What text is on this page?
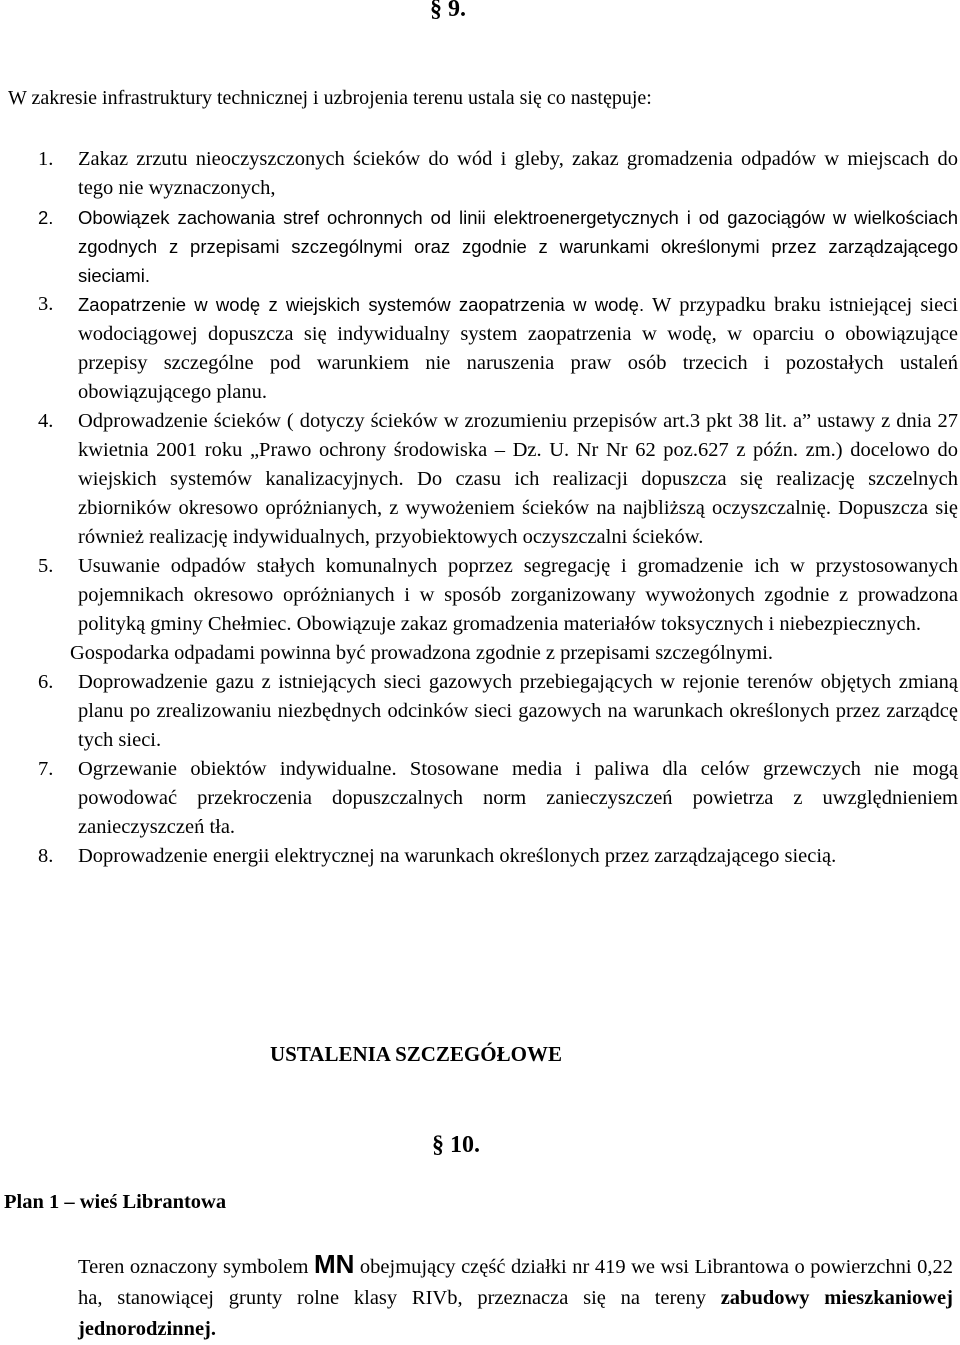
§ 9.

W zakresie infrastruktury technicznej i uzbrojenia terenu ustala się co następuje:

1. Zakaz zrzutu nieoczyszczonych ścieków do wód i gleby, zakaz gromadzenia odpadów w miejscach do tego nie wyznaczonych,
2. Obowiązek zachowania stref ochronnych od linii elektroenergetycznych i od gazociągów w wielkościach zgodnych z przepisami szczególnymi oraz zgodnie z warunkami określonymi przez zarządzającego sieciami.
3. Zaopatrzenie w wodę z wiejskich systemów zaopatrzenia w wodę. W przypadku braku istniejącej sieci wodociągowej dopuszcza się indywidualny system zaopatrzenia w wodę, w oparciu o obowiązujące przepisy szczególne pod warunkiem nie naruszenia praw osób trzecich i pozostałych ustaleń obowiązującego planu.
4. Odprowadzenie ścieków ( dotyczy ścieków w zrozumieniu przepisów art.3 pkt 38 lit. a” ustawy z dnia 27 kwietnia 2001 roku „Prawo ochrony środowiska – Dz. U. Nr Nr 62 poz.627 z późn. zm.) docelowo do wiejskich systemów kanalizacyjnych. Do czasu ich realizacji dopuszcza się realizację szczelnych zbiorników okresowo opróżnianych, z wywożeniem ścieków na najbliższą oczyszczalnię. Dopuszcza się również realizację indywidualnych, przyobiektowych oczyszczalni ścieków.
5. Usuwanie odpadów stałych komunalnych poprzez segregację i gromadzenie ich w przystosowanych pojemnikach okresowo opróżnianych i w sposób zorganizowany wywożonych zgodnie z prowadzona polityką gminy Chełmiec. Obowiązuje zakaz gromadzenia materiałów toksycznych i niebezpiecznych.
Gospodarka odpadami powinna być prowadzona zgodnie z przepisami szczególnymi.
6. Doprowadzenie gazu z istniejących sieci gazowych przebiegających w rejonie terenów objętych zmianą planu po zrealizowaniu niezbędnych odcinków sieci gazowych na warunkach określonych przez zarządcę tych sieci.
7. Ogrzewanie obiektów indywidualne. Stosowane media i paliwa dla celów grzewczych nie mogą powodować przekroczenia dopuszczalnych norm zanieczyszczeń powietrza z uwzględnieniem zanieczyszczeń tła.
8. Doprowadzenie energii elektrycznej na warunkach określonych przez zarządzającego siecią.
USTALENIA SZCZEGÓŁOWE
§ 10.
Plan 1 – wieś Librantowa

Teren oznaczony symbolem MN obejmujący część działki nr 419 we wsi Librantowa o powierzchni 0,22 ha, stanowiącej grunty rolne klasy RIVb, przeznacza się na tereny zabudowy mieszkaniowej jednorodzinnej.
